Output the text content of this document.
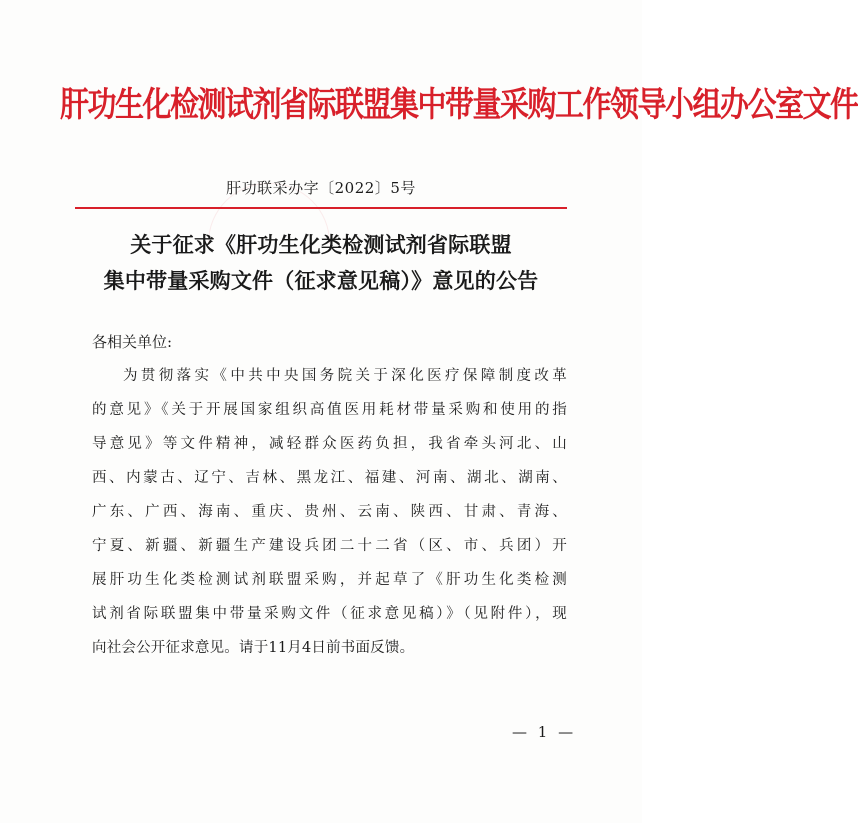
肝功生化检测试剂省际联盟集中带量采购工作领导小组办公室文件
肝功联采办字〔2022〕5号
关于征求《肝功生化类检测试剂省际联盟
集中带量采购文件（征求意见稿）》意见的公告
各相关单位:
为贯彻落实《中共中央国务院关于深化医疗保障制度改革
的意见》《关于开展国家组织高值医用耗材带量采购和使用的指
导意见》等文件精神，减轻群众医药负担，我省牵头河北、山
西、内蒙古、辽宁、吉林、黑龙江、福建、河南、湖北、湖南、
广东、广西、海南、重庆、贵州、云南、陕西、甘肃、青海、
宁夏、新疆、新疆生产建设兵团二十二省（区、市、兵团）开
展肝功生化类检测试剂联盟采购，并起草了《肝功生化类检测
试剂省际联盟集中带量采购文件（征求意见稿）》（见附件），现
向社会公开征求意见。请于11月4日前书面反馈。
— 1 —
